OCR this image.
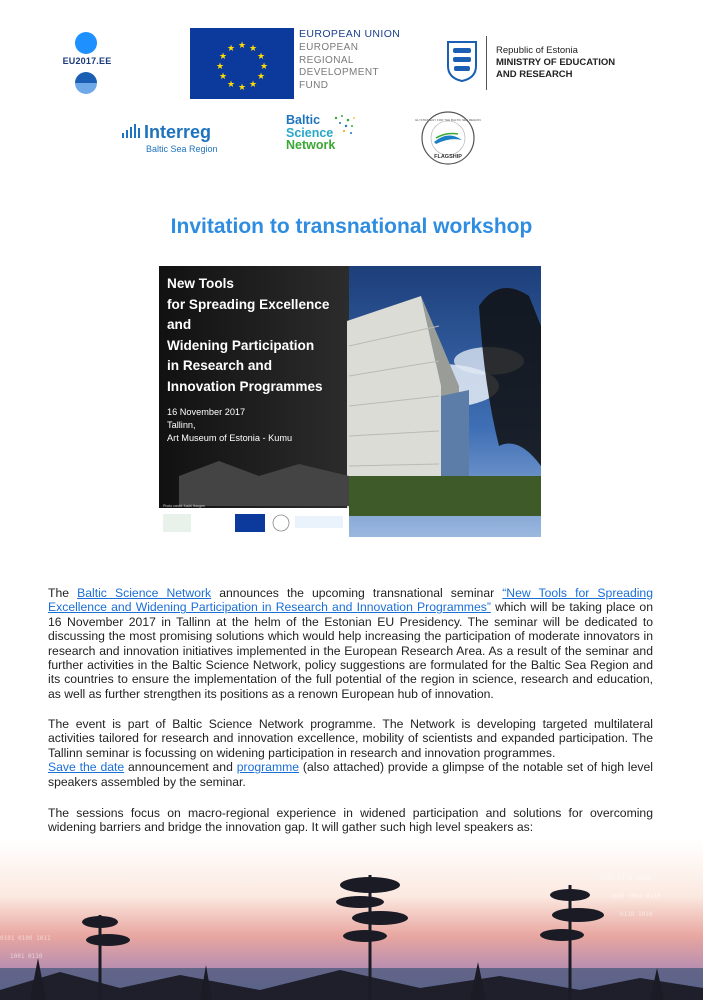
EU2017.EE
★ ★
★
★
★
★
★
★
★
★
★
★
EUROPEAN UNION
EUROPEAN
REGIONAL
DEVELOPMENT
FUND
Republic of Estonia
MINISTRY OF EDUCATION
AND RESEARCH
Interreg
Baltic Sea Region
Baltic
Science
Network
FLAGSHIP
EU STRATEGY FOR THE BALTIC SEA REGION
Invitation to transnational workshop
New Tools
for Spreading Excellence
and
Widening Participation
in Research and
Innovation Programmes
16 November 2017
Tallinn,
Art Museum of Estonia - Kumu
Photo credit: Kadri Haugen
The Baltic Science Network announces the upcoming transnational seminar “New Tools for Spreading Excellence and Widening Participation in Research and Innovation Programmes” which will be taking place on 16 November 2017 in Tallinn at the helm of the Estonian EU Presidency. The seminar will be dedicated to discussing the most promising solutions which would help increasing the participation of moderate innovators in research and innovation initiatives implemented in the European Research Area. As a result of the seminar and further activities in the Baltic Science Network, policy suggestions are formulated for the Baltic Sea Region and its countries to ensure the implementation of the full potential of the region in science, research and education, as well as further strengthen its positions as a renown European hub of innovation.
The event is part of Baltic Science Network programme. The Network is developing targeted multilateral activities tailored for research and innovation excellence, mobility of scientists and expanded participation. The Tallinn seminar is focussing on widening participation in research and innovation programmes.
Save the date announcement and programme (also attached) provide a glimpse of the notable set of high level speakers assembled by the seminar.
The sessions focus on macro-regional experience in widened participation and solutions for overcoming widening barriers and bridge the innovation gap. It will gather such high level speakers as:
0101 0110 0100
1010 1001 0110
0110 1010
0101 0100 1011
1001 0110
